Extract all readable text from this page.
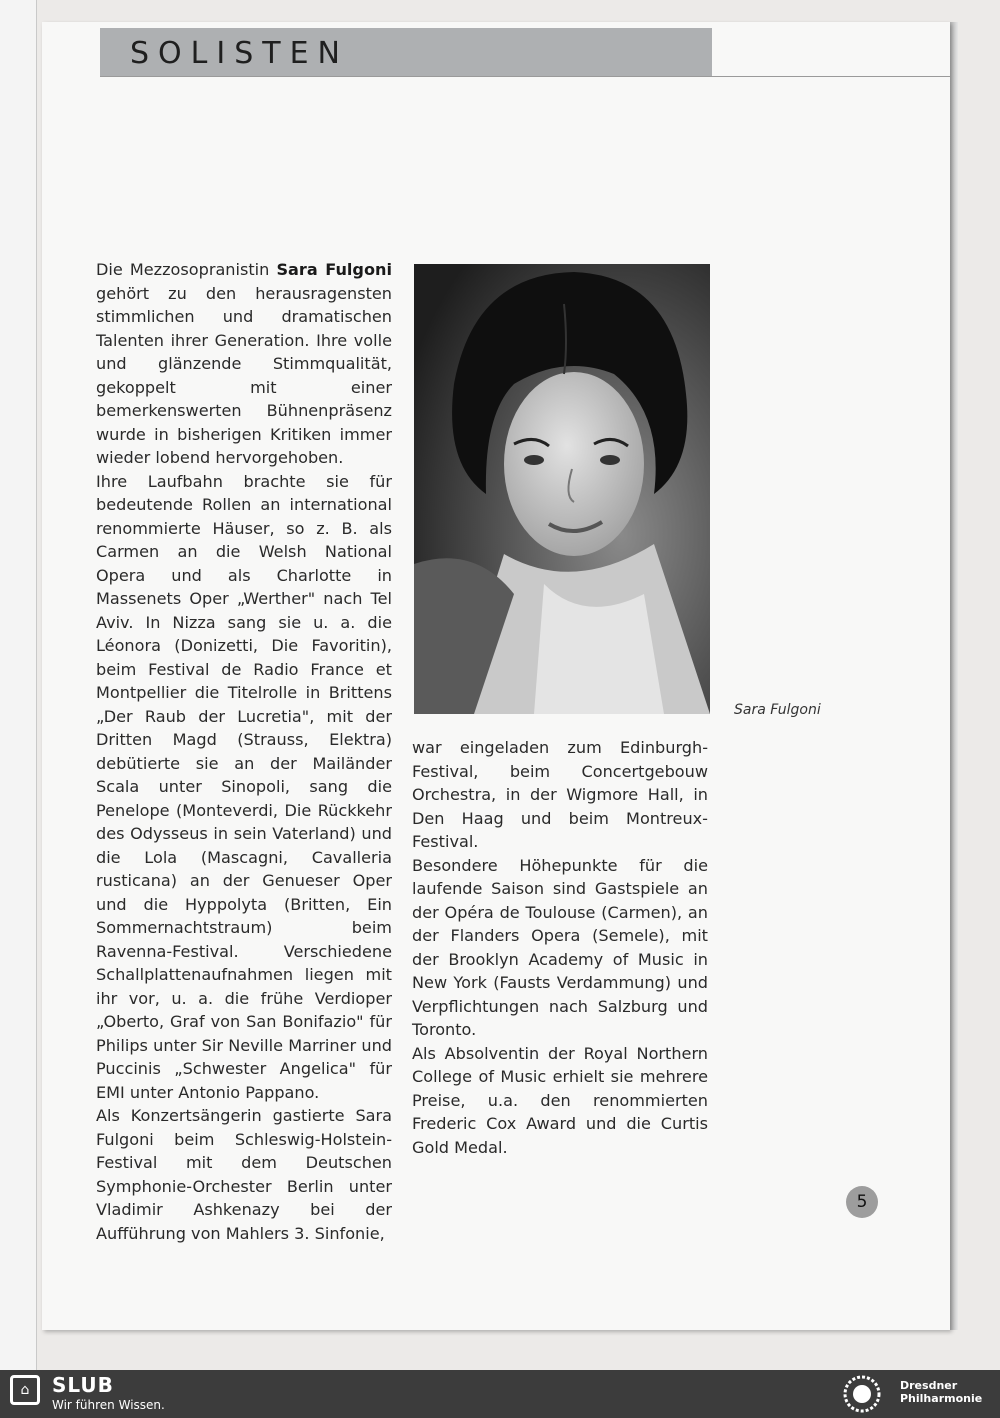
SOLISTEN

Die Mezzosopranistin Sara Fulgoni gehört zu den herausragensten stimmlichen und dramatischen Talenten ihrer Generation. Ihre volle und glänzende Stimmqualität, gekoppelt mit einer bemerkenswerten Bühnenpräsenz wurde in bisherigen Kritiken immer wieder lobend hervorgehoben.

Ihre Laufbahn brachte sie für bedeutende Rollen an international renommierte Häuser, so z. B. als Carmen an die Welsh National Opera und als Charlotte in Massenets Oper „Werther" nach Tel Aviv. In Nizza sang sie u. a. die Léonora (Donizetti, Die Favoritin), beim Festival de Radio France et Montpellier die Titelrolle in Brittens „Der Raub der Lucretia", mit der Dritten Magd (Strauss, Elektra) debütierte sie an der Mailänder Scala unter Sinopoli, sang die Penelope (Monteverdi, Die Rückkehr des Odysseus in sein Vaterland) und die Lola (Mascagni, Cavalleria rusticana) an der Genueser Oper und die Hyppolyta (Britten, Ein Sommernachtstraum) beim Ravenna-Festival. Verschiedene Schallplattenaufnahmen liegen mit ihr vor, u. a. die frühe Verdioper „Oberto, Graf von San Bonifazio" für Philips unter Sir Neville Marriner und Puccinis „Schwester Angelica" für EMI unter Antonio Pappano.

Als Konzertsängerin gastierte Sara Fulgoni beim Schleswig-Holstein-Festival mit dem Deutschen Symphonie-Orchester Berlin unter Vladimir Ashkenazy bei der Aufführung von Mahlers 3. Sinfonie,

Sara Fulgoni

war eingeladen zum Edinburgh-Festival, beim Concertgebouw Orchestra, in der Wigmore Hall, in Den Haag und beim Montreux-Festival.

Besondere Höhepunkte für die laufende Saison sind Gastspiele an der Opéra de Toulouse (Carmen), an der Flanders Opera (Semele), mit der Brooklyn Academy of Music in New York (Fausts Verdammung) und Verpflichtungen nach Salzburg und Toronto.

Als Absolventin der Royal Northern College of Music erhielt sie mehrere Preise, u.a. den renommierten Frederic Cox Award und die Curtis Gold Medal.

5
⌂	SLUB
Wir führen Wissen.
Dresdner
Philharmonie
